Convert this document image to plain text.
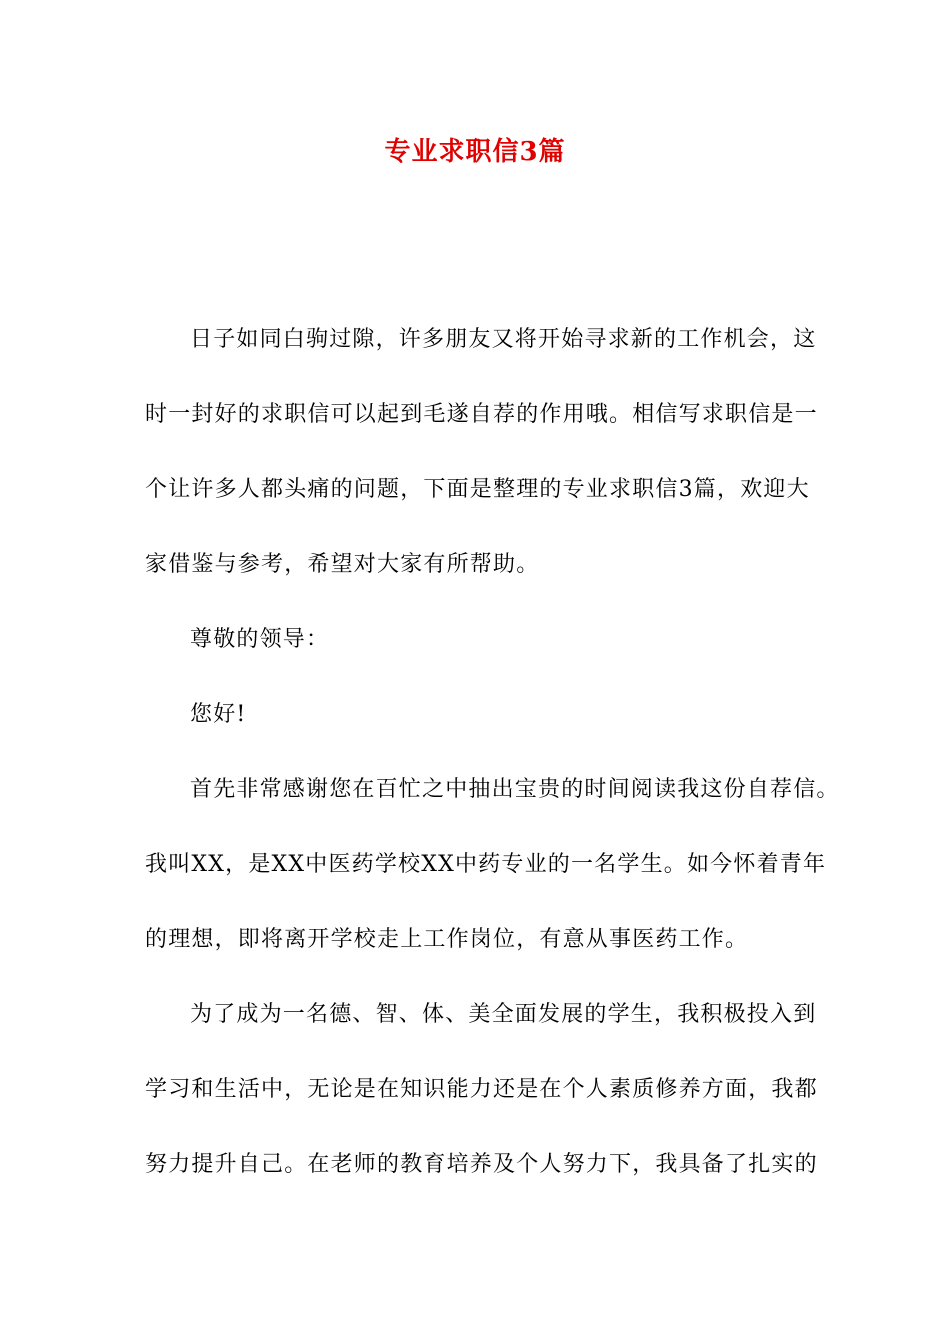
专业求职信3篇
日子如同白驹过隙，许多朋友又将开始寻求新的工作机会，这
时一封好的求职信可以起到毛遂自荐的作用哦。相信写求职信是一
个让许多人都头痛的问题，下面是整理的专业求职信3篇，欢迎大
家借鉴与参考，希望对大家有所帮助。
尊敬的领导：
您好!
首先非常感谢您在百忙之中抽出宝贵的时间阅读我这份自荐信。
我叫XX，是XX中医药学校XX中药专业的一名学生。如今怀着青年
的理想，即将离开学校走上工作岗位，有意从事医药工作。
为了成为一名德、智、体、美全面发展的学生，我积极投入到
学习和生活中，无论是在知识能力还是在个人素质修养方面，我都
努力提升自己。在老师的教育培养及个人努力下，我具备了扎实的
